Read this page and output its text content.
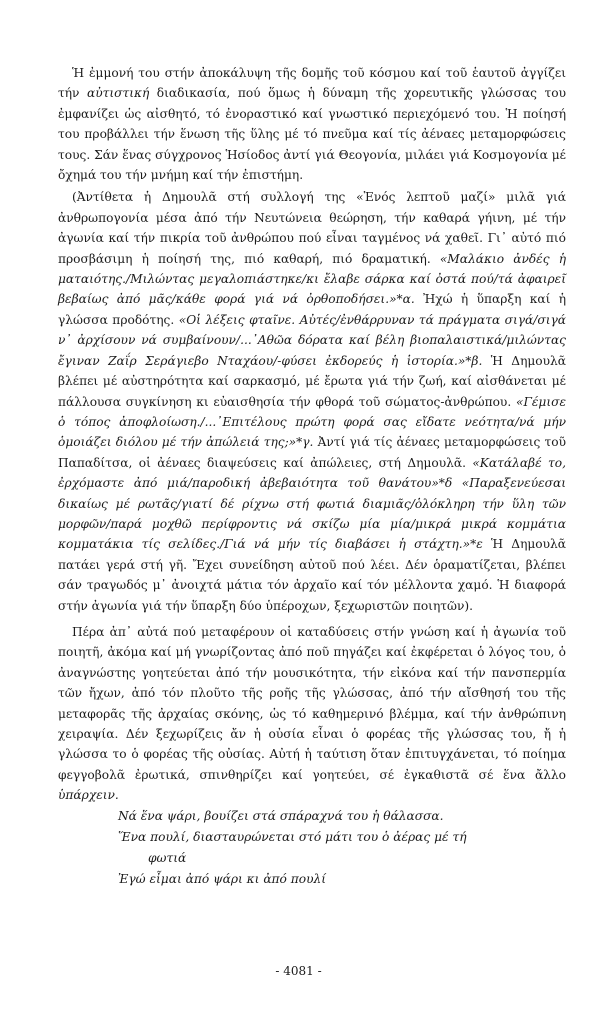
Ἡ ἐμμονή του στήν ἀποκάλυψη τῆς δομῆς τοῦ κόσμου καί τοῦ ἑαυτοῦ ἀγγίζει τήν αὐτιστική διαδικασία, πού ὅμως ἡ δύναμη τῆς χορευτικῆς γλώσσας του ἐμφανίζει ὡς αἰσθητό, τό ἐνοραστικό καί γνωστικό περιεχόμενό του. Ἡ ποίησή του προβάλλει τήν ἕνωση τῆς ὕλης μέ τό πνεῦμα καί τίς ἀέναες μεταμορφώσεις τους. Σάν ἕνας σύγχρονος Ἡσίοδος ἀντί γιά Θεογονία, μιλάει γιά Κοσμογονία μέ ὄχημά του τήν μνήμη καί τήν ἐπιστήμη.

(Ἀντίθετα ἡ Δημουλᾶ στή συλλογή της «Ἑνός λεπτοῦ μαζί» μιλᾶ γιά ἀνθρωπογονία μέσα ἀπό τήν Νευτώνεια θεώρηση, τήν καθαρά γήινη, μέ τήν ἀγωνία καί τήν πικρία τοῦ ἀνθρώπου πού εἶναι ταγμένος νά χαθεῖ. Γι᾽ αὐτό πιό προσβάσιμη ἡ ποίησή της, πιό καθαρή, πιό δραματική. «Μαλάκιο ἀνδές ἡ ματαιότης./Μιλώντας μεγαλοπιάστηκε/κι ἔλαβε σάρκα καί ὀστά πού/τά ἀφαιρεῖ βεβαίως ἀπό μᾶς/κάθε φορά γιά νά ὀρθοποδήσει.»*α. Ἠχώ ἡ ὕπαρξη καί ἡ γλώσσα προδότης. «Οἱ λέξεις φταῖνε. Αὐτές/ἐνθάρρυναν τά πράγματα σιγά/σιγά ν᾽ ἀρχίσουν νά συμβαίνουν/...᾽Αθῶα δόρατα καί βέλη βιοπαλαιστικά/μιλώντας ἔγιναν Ζαΐρ Σεράγιεβο Νταχάου/-φύσει ἐκδορεύς ἡ ἱστορία.»*β. Ἡ Δημουλᾶ βλέπει μέ αὐστηρότητα καί σαρκασμό, μέ ἔρωτα γιά τήν ζωή, καί αἰσθάνεται μέ πάλλουσα συγκίνηση κι εὐαισθησία τήν φθορά τοῦ σώματος-ἀνθρώπου. «Γέμισε ὁ τόπος ἀποφλοίωση./...᾽Επιτέλους πρώτη φορά σας εἴδατε νεότητα/νά μήν ὁμοιάζει διόλου μέ τήν ἀπώλειά της;»*γ. Ἀντί γιά τίς ἀέναες μεταμορφώσεις τοῦ Παπαδίτσα, οἱ ἀέναες διαψεύσεις καί ἀπώλειες, στή Δημουλᾶ. «Κατάλαβέ το, ἐρχόμαστε ἀπό μιά/παροδική ἀβεβαιότητα τοῦ θανάτου»*δ «Παραξενεύεσαι δικαίως μέ ρωτᾶς/γιατί δέ ρίχνω στή φωτιά διαμιᾶς/ὁλόκληρη τήν ὕλη τῶν μορφῶν/παρά μοχθῶ περίφροντις νά σκίζω μία μία/μικρά μικρά κομμάτια κομματάκια τίς σελίδες./Γιά νά μήν τίς διαβάσει ἡ στάχτη.»*ε Ἡ Δημουλᾶ πατάει γερά στή γῆ. Ἔχει συνείδηση αὐτοῦ πού λέει. Δέν ὁραματίζεται, βλέπει σάν τραγωδός μ᾽ ἀνοιχτά μάτια τόν ἀρχαῖο καί τόν μέλλοντα χαμό. Ἡ διαφορά στήν ἀγωνία γιά τήν ὕπαρξη δύο ὑπέροχων, ξεχωριστῶν ποιητῶν).

Πέρα ἀπ᾽ αὐτά πού μεταφέρουν οἱ καταδύσεις στήν γνώση καί ἡ ἀγωνία τοῦ ποιητῆ, ἀκόμα καί μή γνωρίζοντας ἀπό ποῦ πηγάζει καί ἐκφέρεται ὁ λόγος του, ὁ ἀναγνώστης γοητεύεται ἀπό τήν μουσικότητα, τήν εἰκόνα καί τήν πανσπερμία τῶν ἤχων, ἀπό τόν πλοῦτο τῆς ροῆς τῆς γλώσσας, ἀπό τήν αἴσθησή του τῆς μεταφορᾶς τῆς ἀρχαίας σκόνης, ὡς τό καθημερινό βλέμμα, καί τήν ἀνθρώπινη χειραψία. Δέν ξεχωρίζεις ἄν ἡ οὐσία εἶναι ὁ φορέας τῆς γλώσσας του, ἤ ἡ γλώσσα το ὁ φορέας τῆς οὐσίας. Αὐτή ἡ ταύτιση ὅταν ἐπιτυγχάνεται, τό ποίημα φεγγοβολᾶ ἐρωτικά, σπινθηρίζει καί γοητεύει, σέ ἐγκαθιστᾶ σέ ἕνα ἄλλο ὑπάρχειν.

Νά ἕνα ψάρι, βουίζει στά σπάραχνά του ἡ θάλασσα.
Ἕνα πουλί, διασταυρώνεται στό μάτι του ὁ ἀέρας μέ τή
φωτιά
Ἐγώ εἶμαι ἀπό ψάρι κι ἀπό πουλί
- 4081 -
